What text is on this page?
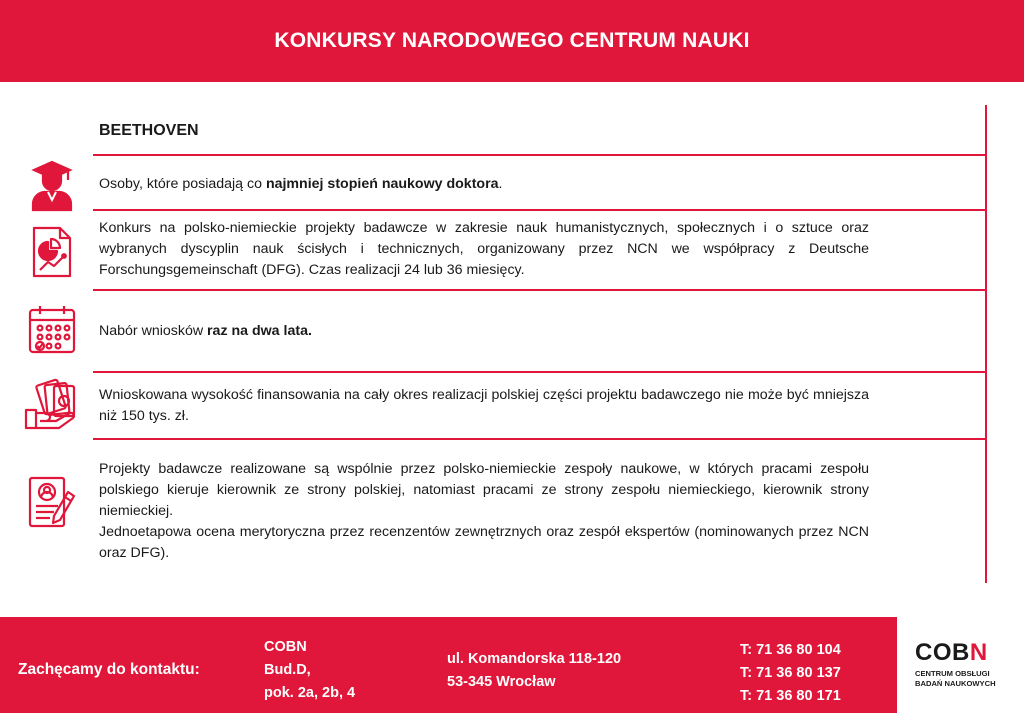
KONKURSY NARODOWEGO CENTRUM NAUKI
BEETHOVEN
Osoby, które posiadają co najmniej stopień naukowy doktora.
Konkurs na polsko-niemieckie projekty badawcze w zakresie nauk humanistycznych, społecznych i o sztuce oraz wybranych dyscyplin nauk ścisłych i technicznych, organizowany przez NCN we współpracy z Deutsche Forschungsgemeinschaft (DFG). Czas realizacji 24 lub 36 miesięcy.
Nabór wniosków raz na dwa lata.
Wnioskowana wysokość finansowania na cały okres realizacji polskiej części projektu badawczego nie może być mniejsza niż 150 tys. zł.
Projekty badawcze realizowane są wspólnie przez polsko-niemieckie zespoły naukowe, w których pracami zespołu polskiego kieruje kierownik ze strony polskiej, natomiast pracami ze strony zespołu niemieckiego, kierownik strony niemieckiej.
Jednoetapowa ocena merytoryczna przez recenzentów zewnętrznych oraz zespół ekspertów (nominowanych przez NCN oraz DFG).
Zachęcamy do kontaktu:
COBN
Bud.D,
pok. 2a, 2b, 4
ul. Komandorska 118-120
53-345 Wrocław
T: 71 36 80 104
T: 71 36 80 137
T: 71 36 80 171
COBN
CENTRUM OBSŁUGI
BADAŃ NAUKOWYCH
